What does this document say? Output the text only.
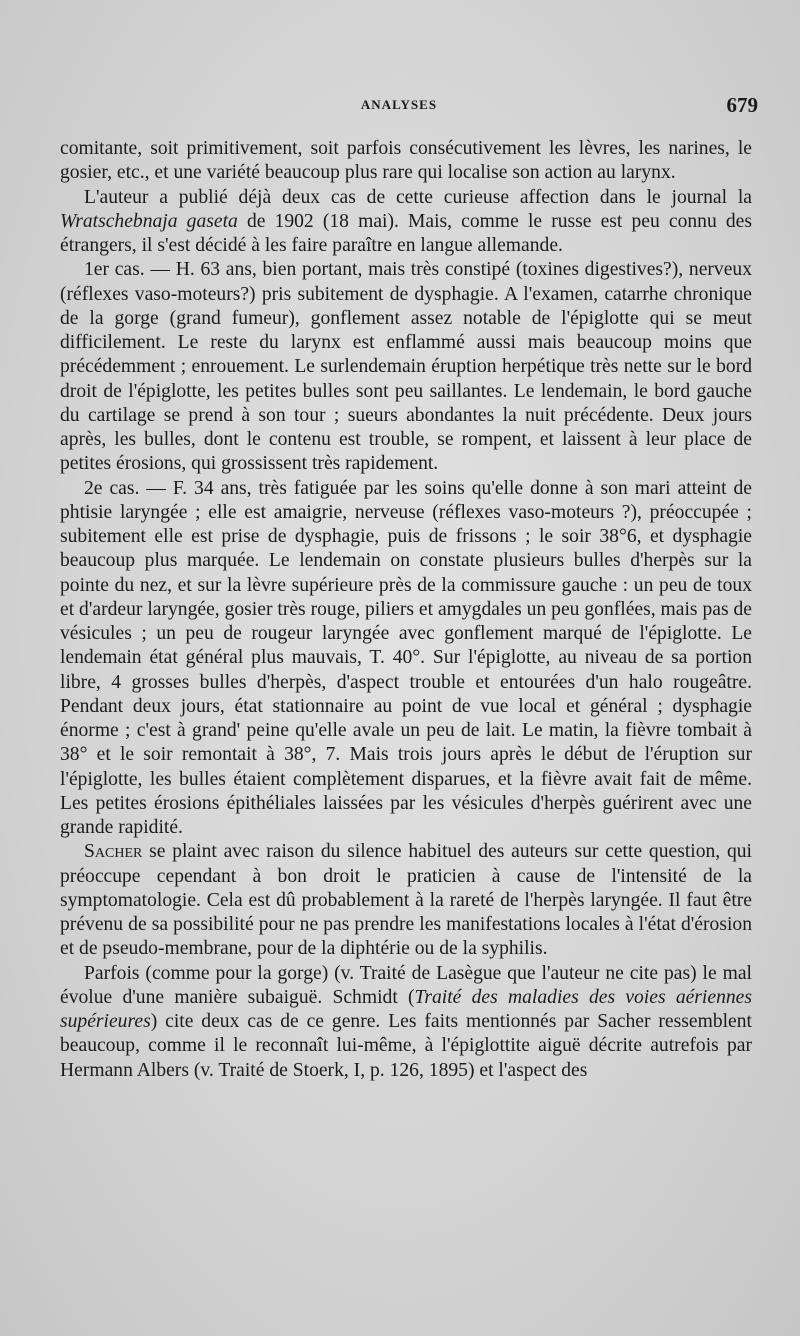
ANALYSES	679

comitante, soit primitivement, soit parfois consécutivement les lèvres, les narines, le gosier, etc., et une variété beaucoup plus rare qui localise son action au larynx.

L'auteur a publié déjà deux cas de cette curieuse affection dans le journal la Wratschebnaja gaseta de 1902 (18 mai). Mais, comme le russe est peu connu des étrangers, il s'est décidé à les faire paraître en langue allemande.

1er cas. — H. 63 ans, bien portant, mais très constipé (toxines digestives?), nerveux (réflexes vaso-moteurs?) pris subitement de dysphagie. A l'examen, catarrhe chronique de la gorge (grand fumeur), gonflement assez notable de l'épiglotte qui se meut difficilement. Le reste du larynx est enflammé aussi mais beaucoup moins que précédemment ; enrouement. Le surlendemain éruption herpétique très nette sur le bord droit de l'épiglotte, les petites bulles sont peu saillantes. Le lendemain, le bord gauche du cartilage se prend à son tour ; sueurs abondantes la nuit précédente. Deux jours après, les bulles, dont le contenu est trouble, se rompent, et laissent à leur place de petites érosions, qui grossissent très rapidement.

2e cas. — F. 34 ans, très fatiguée par les soins qu'elle donne à son mari atteint de phtisie laryngée ; elle est amaigrie, nerveuse (réflexes vaso-moteurs ?), préoccupée ; subitement elle est prise de dysphagie, puis de frissons ; le soir 38°6, et dysphagie beaucoup plus marquée. Le lendemain on constate plusieurs bulles d'herpès sur la pointe du nez, et sur la lèvre supérieure près de la commissure gauche : un peu de toux et d'ardeur laryngée, gosier très rouge, piliers et amygdales un peu gonflées, mais pas de vésicules ; un peu de rougeur laryngée avec gonflement marqué de l'épiglotte. Le lendemain état général plus mauvais, T. 40°. Sur l'épiglotte, au niveau de sa portion libre, 4 grosses bulles d'herpès, d'aspect trouble et entourées d'un halo rougeâtre. Pendant deux jours, état stationnaire au point de vue local et général ; dysphagie énorme ; c'est à grand' peine qu'elle avale un peu de lait. Le matin, la fièvre tombait à 38° et le soir remontait à 38°, 7. Mais trois jours après le début de l'éruption sur l'épiglotte, les bulles étaient complètement disparues, et la fièvre avait fait de même. Les petites érosions épithéliales laissées par les vésicules d'herpès guérirent avec une grande rapidité.

Sacher se plaint avec raison du silence habituel des auteurs sur cette question, qui préoccupe cependant à bon droit le praticien à cause de l'intensité de la symptomatologie. Cela est dû probablement à la rareté de l'herpès laryngée. Il faut être prévenu de sa possibilité pour ne pas prendre les manifestations locales à l'état d'érosion et de pseudo-membrane, pour de la diphtérie ou de la syphilis.

Parfois (comme pour la gorge) (v. Traité de Lasègue que l'auteur ne cite pas) le mal évolue d'une manière subaiguë. Schmidt (Traité des maladies des voies aériennes supérieures) cite deux cas de ce genre. Les faits mentionnés par Sacher ressemblent beaucoup, comme il le reconnaît lui-même, à l'épiglottite aiguë décrite autrefois par Hermann Albers (v. Traité de Stoerk, I, p. 126, 1895) et l'aspect des
